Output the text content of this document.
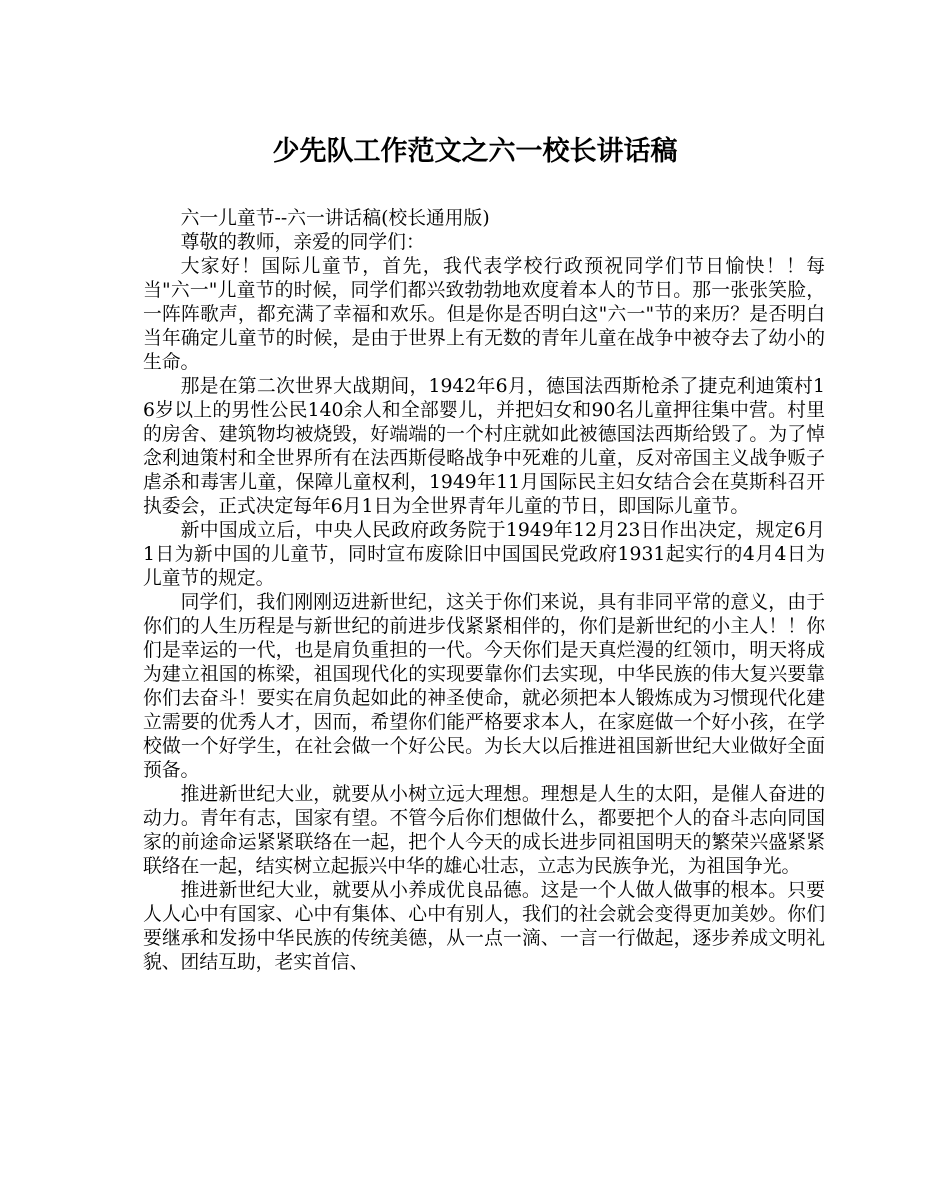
少先队工作范文之六一校长讲话稿

六一儿童节--六一讲话稿(校长通用版)

尊敬的教师，亲爱的同学们：

大家好！国际儿童节，首先，我代表学校行政预祝同学们节日愉快！！每当"六一"儿童节的时候，同学们都兴致勃勃地欢度着本人的节日。那一张张笑脸，一阵阵歌声，都充满了幸福和欢乐。但是你是否明白这"六一"节的来历？是否明白当年确定儿童节的时候，是由于世界上有无数的青年儿童在战争中被夺去了幼小的生命。

那是在第二次世界大战期间，1942年6月，德国法西斯枪杀了捷克利迪策村16岁以上的男性公民140余人和全部婴儿，并把妇女和90名儿童押往集中营。村里的房舍、建筑物均被烧毁，好端端的一个村庄就如此被德国法西斯给毁了。为了悼念利迪策村和全世界所有在法西斯侵略战争中死难的儿童，反对帝国主义战争贩子虐杀和毒害儿童，保障儿童权利，1949年11月国际民主妇女结合会在莫斯科召开执委会，正式决定每年6月1日为全世界青年儿童的节日，即国际儿童节。

新中国成立后，中央人民政府政务院于1949年12月23日作出决定，规定6月1日为新中国的儿童节，同时宣布废除旧中国国民党政府1931起实行的4月4日为儿童节的规定。

同学们，我们刚刚迈进新世纪，这关于你们来说，具有非同平常的意义，由于你们的人生历程是与新世纪的前进步伐紧紧相伴的，你们是新世纪的小主人！！你们是幸运的一代，也是肩负重担的一代。今天你们是天真烂漫的红领巾，明天将成为建立祖国的栋梁，祖国现代化的实现要靠你们去实现，中华民族的伟大复兴要靠你们去奋斗！要实在肩负起如此的神圣使命，就必须把本人锻炼成为习惯现代化建立需要的优秀人才，因而，希望你们能严格要求本人，在家庭做一个好小孩，在学校做一个好学生，在社会做一个好公民。为长大以后推进祖国新世纪大业做好全面预备。

推进新世纪大业，就要从小树立远大理想。理想是人生的太阳，是催人奋进的动力。青年有志，国家有望。不管今后你们想做什么，都要把个人的奋斗志向同国家的前途命运紧紧联络在一起，把个人今天的成长进步同祖国明天的繁荣兴盛紧紧联络在一起，结实树立起振兴中华的雄心壮志，立志为民族争光，为祖国争光。

推进新世纪大业，就要从小养成优良品德。这是一个人做人做事的根本。只要人人心中有国家、心中有集体、心中有别人，我们的社会就会变得更加美妙。你们要继承和发扬中华民族的传统美德，从一点一滴、一言一行做起，逐步养成文明礼貌、团结互助，老实首信、
